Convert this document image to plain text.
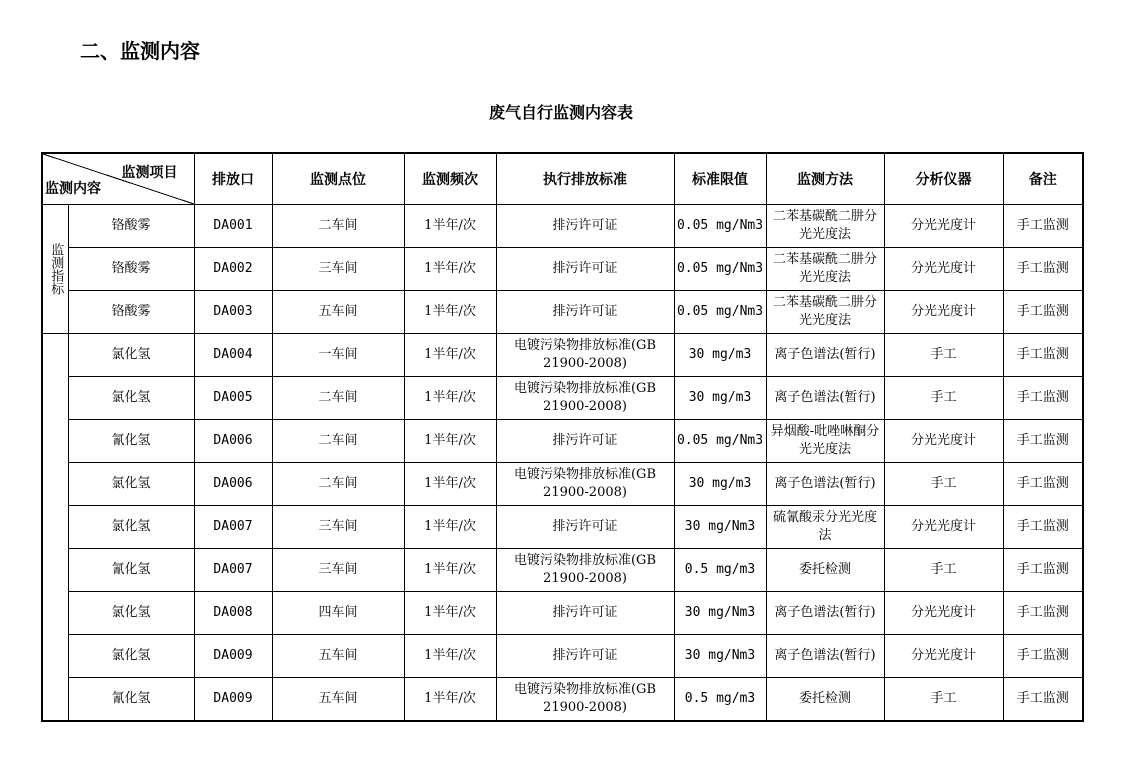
二、监测内容
废气自行监测内容表
监测项目
监测内容		排放口	监测点位	监测频次	执行排放标准	标准限值	监测方法	分析仪器	备注
监测指标	铬酸雾	DA001	二车间	1半年/次	排污许可证	0.05 mg/Nm3	二苯基碳酰二肼分光光度法	分光光度计	手工监测
	铬酸雾	DA002	三车间	1半年/次	排污许可证	0.05 mg/Nm3	二苯基碳酰二肼分光光度法	分光光度计	手工监测
	铬酸雾	DA003	五车间	1半年/次	排污许可证	0.05 mg/Nm3	二苯基碳酰二肼分光光度法	分光光度计	手工监测
	氯化氢	DA004	一车间	1半年/次	电镀污染物排放标准(GB 21900-2008)	30 mg/m3	离子色谱法(暂行)	手工	手工监测
	氯化氢	DA005	二车间	1半年/次	电镀污染物排放标准(GB 21900-2008)	30 mg/m3	离子色谱法(暂行)	手工	手工监测
	氰化氢	DA006	二车间	1半年/次	排污许可证	0.05 mg/Nm3	异烟酸-吡唑啉酮分光光度法	分光光度计	手工监测
	氯化氢	DA006	二车间	1半年/次	电镀污染物排放标准(GB 21900-2008)	30 mg/m3	离子色谱法(暂行)	手工	手工监测
	氯化氢	DA007	三车间	1半年/次	排污许可证	30 mg/Nm3	硫氰酸汞分光光度法	分光光度计	手工监测
	氰化氢	DA007	三车间	1半年/次	电镀污染物排放标准(GB 21900-2008)	0.5 mg/m3	委托检测	手工	手工监测
	氯化氢	DA008	四车间	1半年/次	排污许可证	30 mg/Nm3	离子色谱法(暂行)	分光光度计	手工监测
	氯化氢	DA009	五车间	1半年/次	排污许可证	30 mg/Nm3	离子色谱法(暂行)	分光光度计	手工监测
	氰化氢	DA009	五车间	1半年/次	电镀污染物排放标准(GB 21900-2008)	0.5 mg/m3	委托检测	手工	手工监测
